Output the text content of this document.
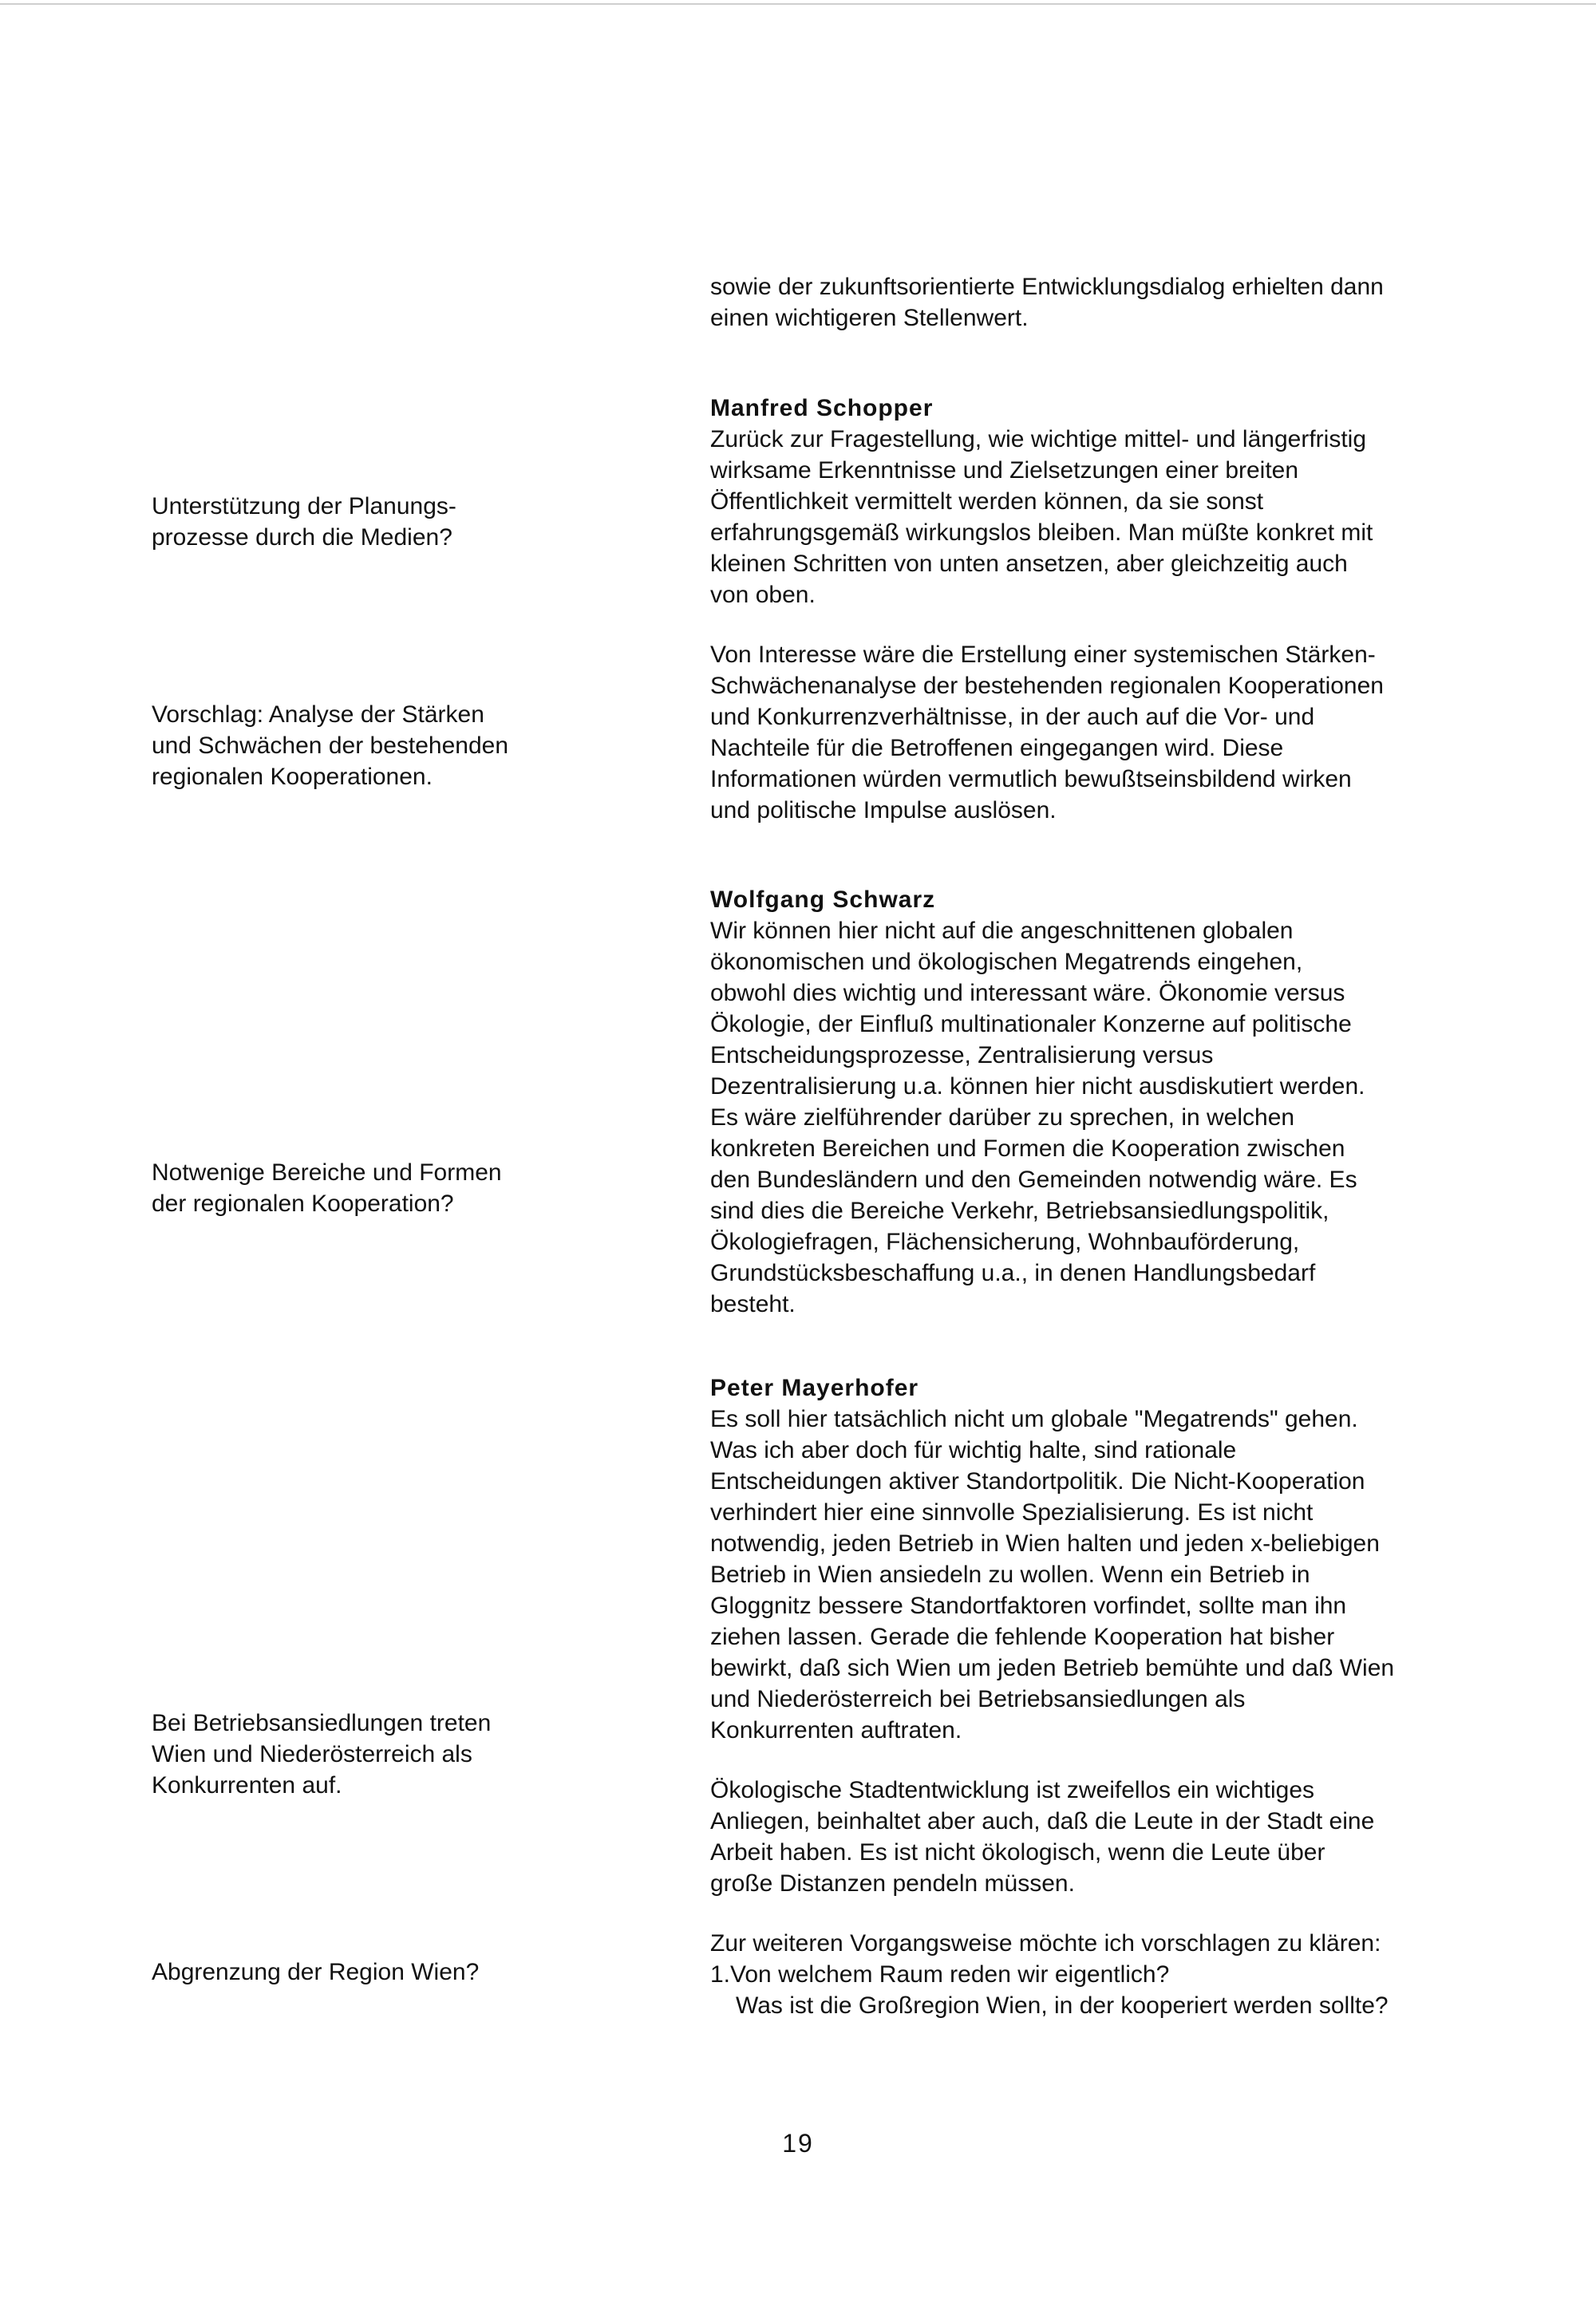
sowie der zukunftsorientierte Entwicklungsdialog erhielten dann
einen wichtigeren Stellenwert.

Unterstützung der Planungs-
prozesse durch die Medien?

Vorschlag: Analyse der Stärken
und Schwächen der bestehenden
regionalen Kooperationen.

Notwenige Bereiche und Formen
der regionalen Kooperation?

Bei Betriebsansiedlungen treten
Wien und Niederösterreich als
Konkurrenten auf.

Abgrenzung der Region Wien?

Manfred Schopper

Zurück zur Fragestellung, wie wichtige mittel- und längerfristig
wirksame Erkenntnisse und Zielsetzungen einer breiten
Öffentlichkeit vermittelt werden können, da sie sonst
erfahrungsgemäß wirkungslos bleiben. Man müßte konkret mit
kleinen Schritten von unten ansetzen, aber gleichzeitig auch
von oben.

Von Interesse wäre die Erstellung einer systemischen Stärken-
Schwächenanalyse der bestehenden regionalen Kooperationen
und Konkurrenzverhältnisse, in der auch auf die Vor- und
Nachteile für die Betroffenen eingegangen wird. Diese
Informationen würden vermutlich bewußtseinsbildend wirken
und politische Impulse auslösen.

Wolfgang Schwarz

Wir können hier nicht auf die angeschnittenen globalen
ökonomischen und ökologischen Megatrends eingehen,
obwohl dies wichtig und interessant wäre. Ökonomie versus
Ökologie, der Einfluß multinationaler Konzerne auf politische
Entscheidungsprozesse, Zentralisierung versus
Dezentralisierung u.a. können hier nicht ausdiskutiert werden.
Es wäre zielführender darüber zu sprechen, in welchen
konkreten Bereichen und Formen die Kooperation zwischen
den Bundesländern und den Gemeinden notwendig wäre. Es
sind dies die Bereiche Verkehr, Betriebsansiedlungspolitik,
Ökologiefragen, Flächensicherung, Wohnbauförderung,
Grundstücksbeschaffung u.a., in denen Handlungsbedarf
besteht.

Peter Mayerhofer

Es soll hier tatsächlich nicht um globale "Megatrends" gehen.
Was ich aber doch für wichtig halte, sind rationale
Entscheidungen aktiver Standortpolitik. Die Nicht-Kooperation
verhindert hier eine sinnvolle Spezialisierung. Es ist nicht
notwendig, jeden Betrieb in Wien halten und jeden x-beliebigen
Betrieb in Wien ansiedeln zu wollen. Wenn ein Betrieb in
Gloggnitz bessere Standortfaktoren vorfindet, sollte man ihn
ziehen lassen. Gerade die fehlende Kooperation hat bisher
bewirkt, daß sich Wien um jeden Betrieb bemühte und daß Wien
und Niederösterreich bei Betriebsansiedlungen als
Konkurrenten auftraten.

Ökologische Stadtentwicklung ist zweifellos ein wichtiges
Anliegen, beinhaltet aber auch, daß die Leute in der Stadt eine
Arbeit haben. Es ist nicht ökologisch, wenn die Leute über
große Distanzen pendeln müssen.

Zur weiteren Vorgangsweise möchte ich vorschlagen zu klären:
1.Von welchem Raum reden wir eigentlich?

Was ist die Großregion Wien, in der kooperiert werden sollte?

19
